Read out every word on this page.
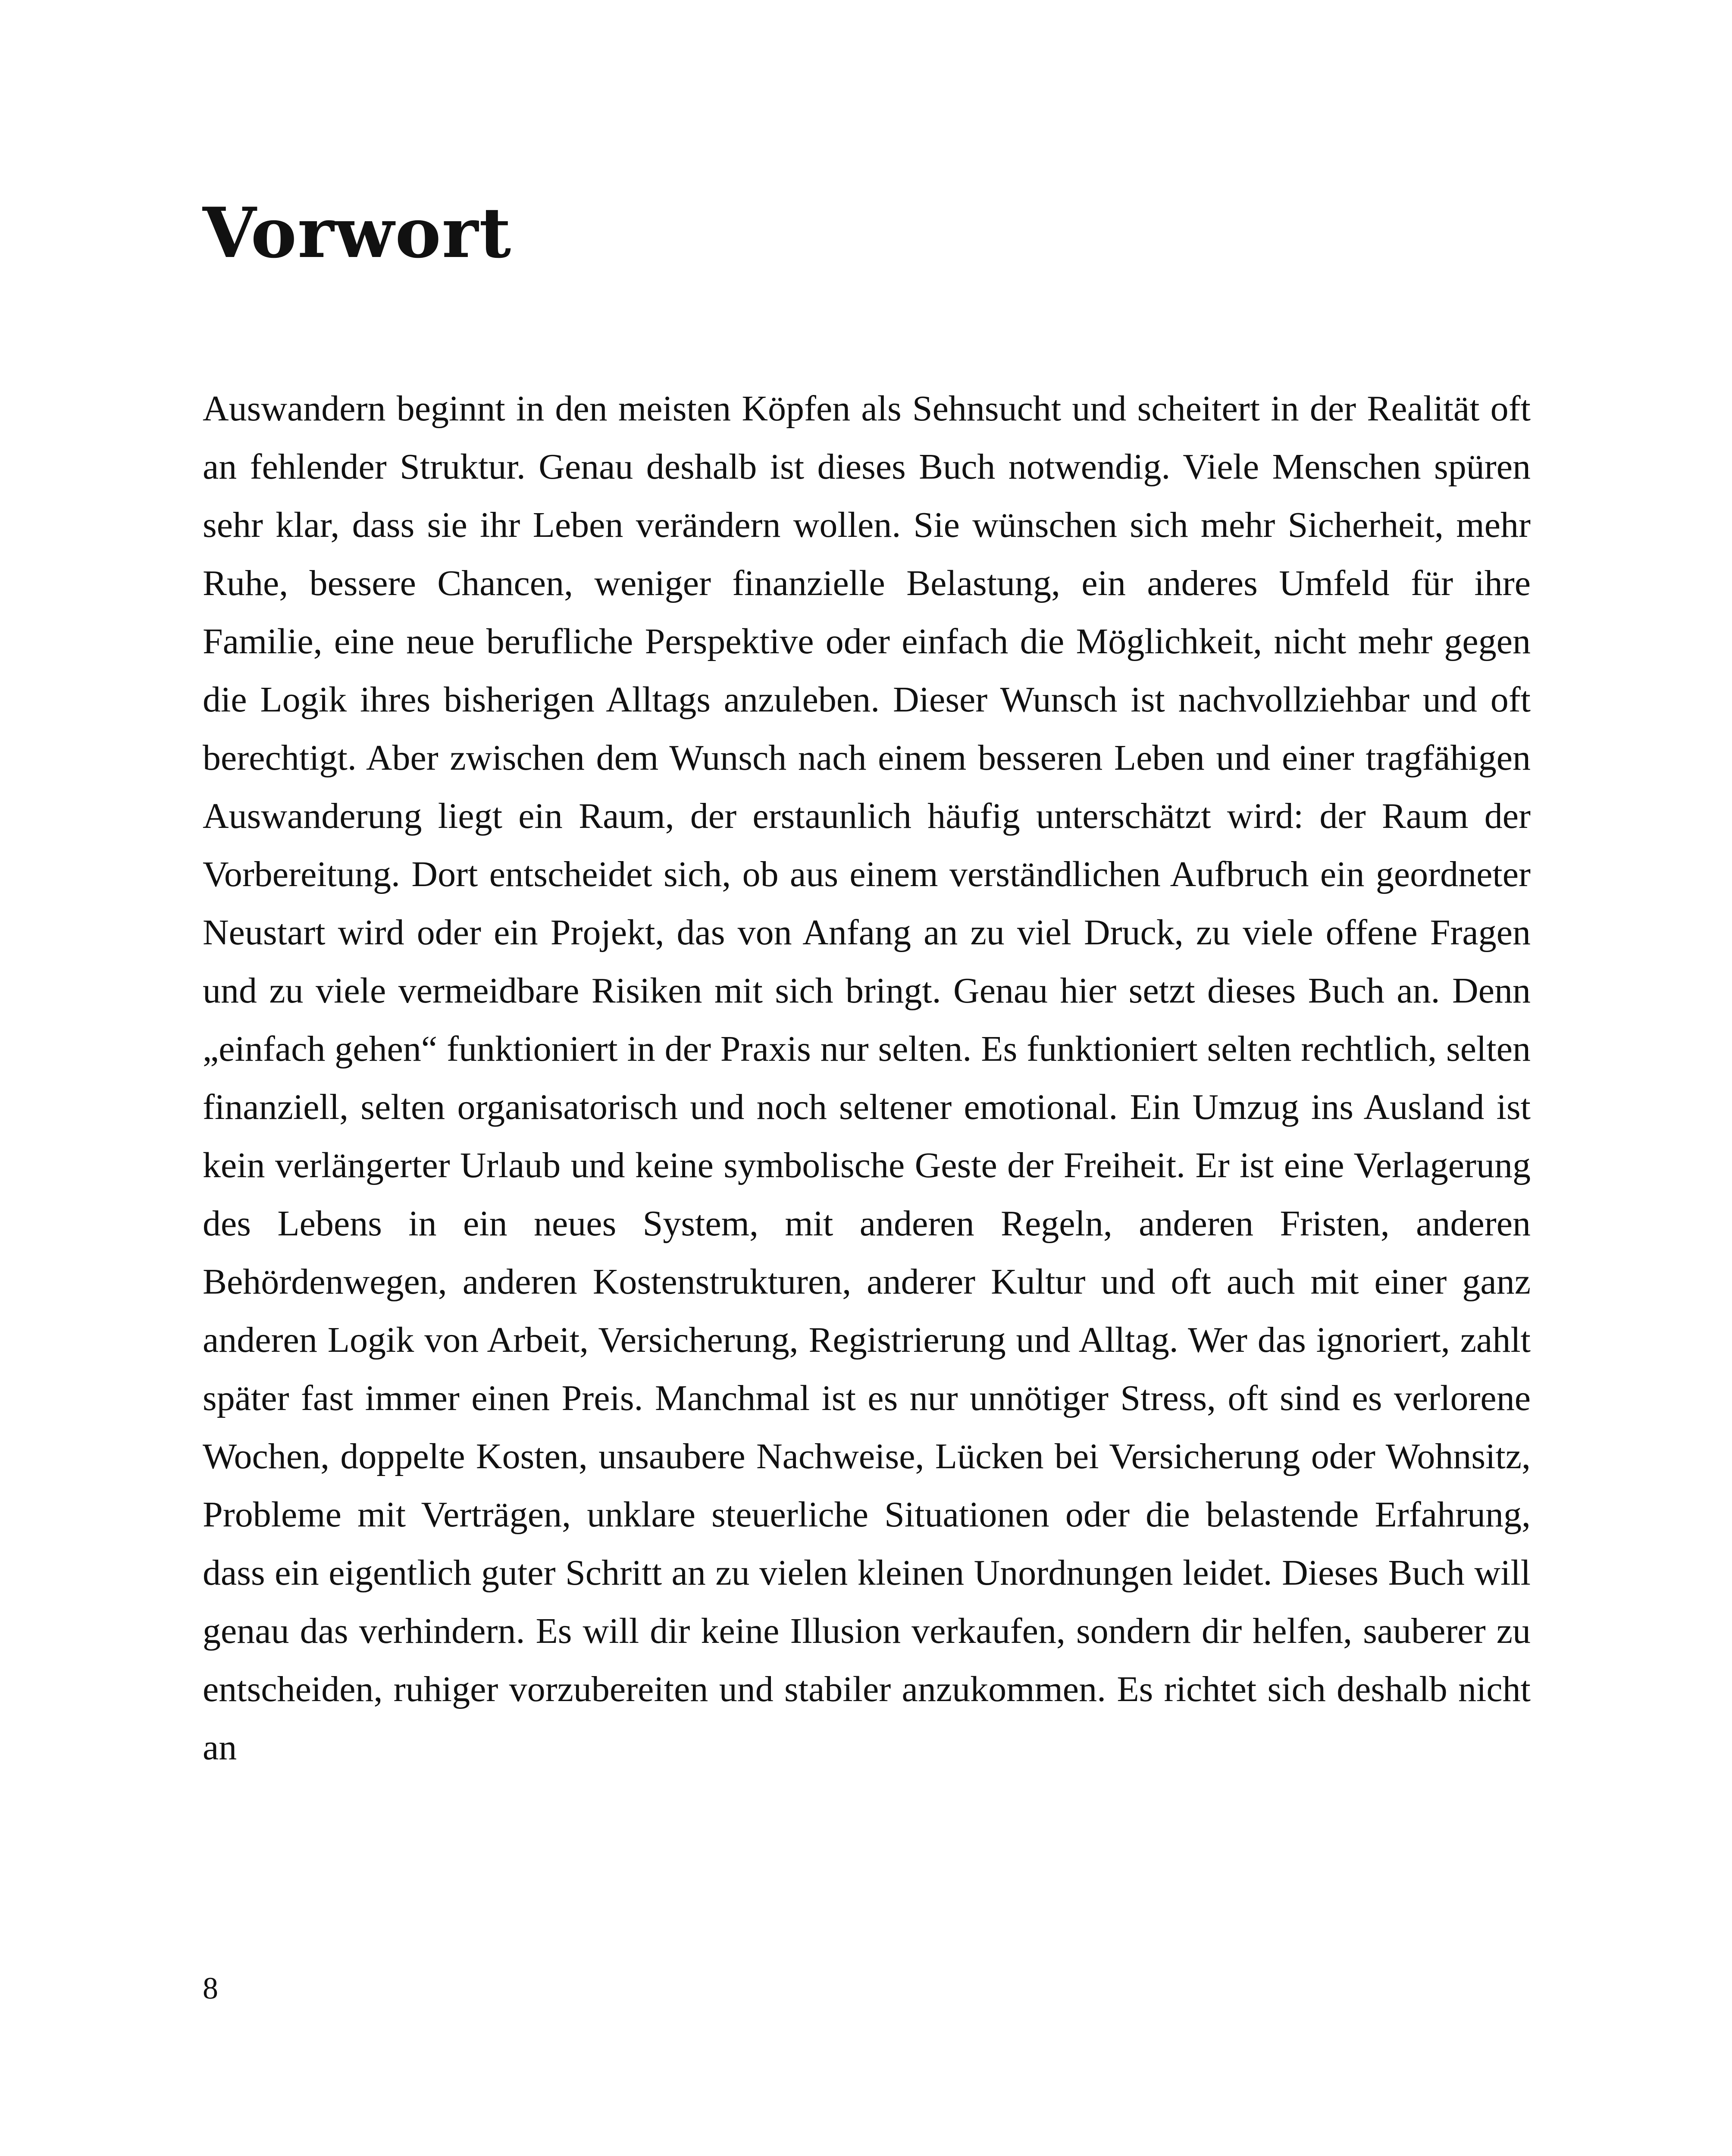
Vorwort

Auswandern beginnt in den meisten Köpfen als Sehnsucht und scheitert in der Realität oft an fehlender Struktur. Genau deshalb ist dieses Buch notwendig. Viele Menschen spüren sehr klar, dass sie ihr Leben verändern wollen. Sie wünschen sich mehr Sicherheit, mehr Ruhe, bessere Chancen, weniger finanzielle Belastung, ein anderes Umfeld für ihre Familie, eine neue berufliche Perspektive oder einfach die Möglichkeit, nicht mehr gegen die Logik ihres bisherigen Alltags anzuleben. Dieser Wunsch ist nachvollziehbar und oft berechtigt. Aber zwischen dem Wunsch nach einem besseren Leben und einer tragfähigen Auswanderung liegt ein Raum, der erstaunlich häufig unterschätzt wird: der Raum der Vorbereitung. Dort entscheidet sich, ob aus einem verständlichen Aufbruch ein geordneter Neustart wird oder ein Projekt, das von Anfang an zu viel Druck, zu viele offene Fragen und zu viele vermeidbare Risiken mit sich bringt. Genau hier setzt dieses Buch an. Denn „einfach gehen“ funktioniert in der Praxis nur selten. Es funktioniert selten rechtlich, selten finanziell, selten organisatorisch und noch seltener emotional. Ein Umzug ins Ausland ist kein verlängerter Urlaub und keine symbolische Geste der Freiheit. Er ist eine Verlagerung des Lebens in ein neues System, mit anderen Regeln, anderen Fristen, anderen Behördenwegen, anderen Kostenstrukturen, anderer Kultur und oft auch mit einer ganz anderen Logik von Arbeit, Versicherung, Registrierung und Alltag. Wer das ignoriert, zahlt später fast immer einen Preis. Manchmal ist es nur unnötiger Stress, oft sind es verlorene Wochen, doppelte Kosten, unsaubere Nachweise, Lücken bei Versicherung oder Wohnsitz, Probleme mit Verträgen, unklare steuerliche Situationen oder die belastende Erfahrung, dass ein eigentlich guter Schritt an zu vielen kleinen Unordnungen leidet. Dieses Buch will genau das verhindern. Es will dir keine Illusion verkaufen, sondern dir helfen, sauberer zu entscheiden, ruhiger vorzubereiten und stabiler anzukommen. Es richtet sich deshalb nicht an

8
